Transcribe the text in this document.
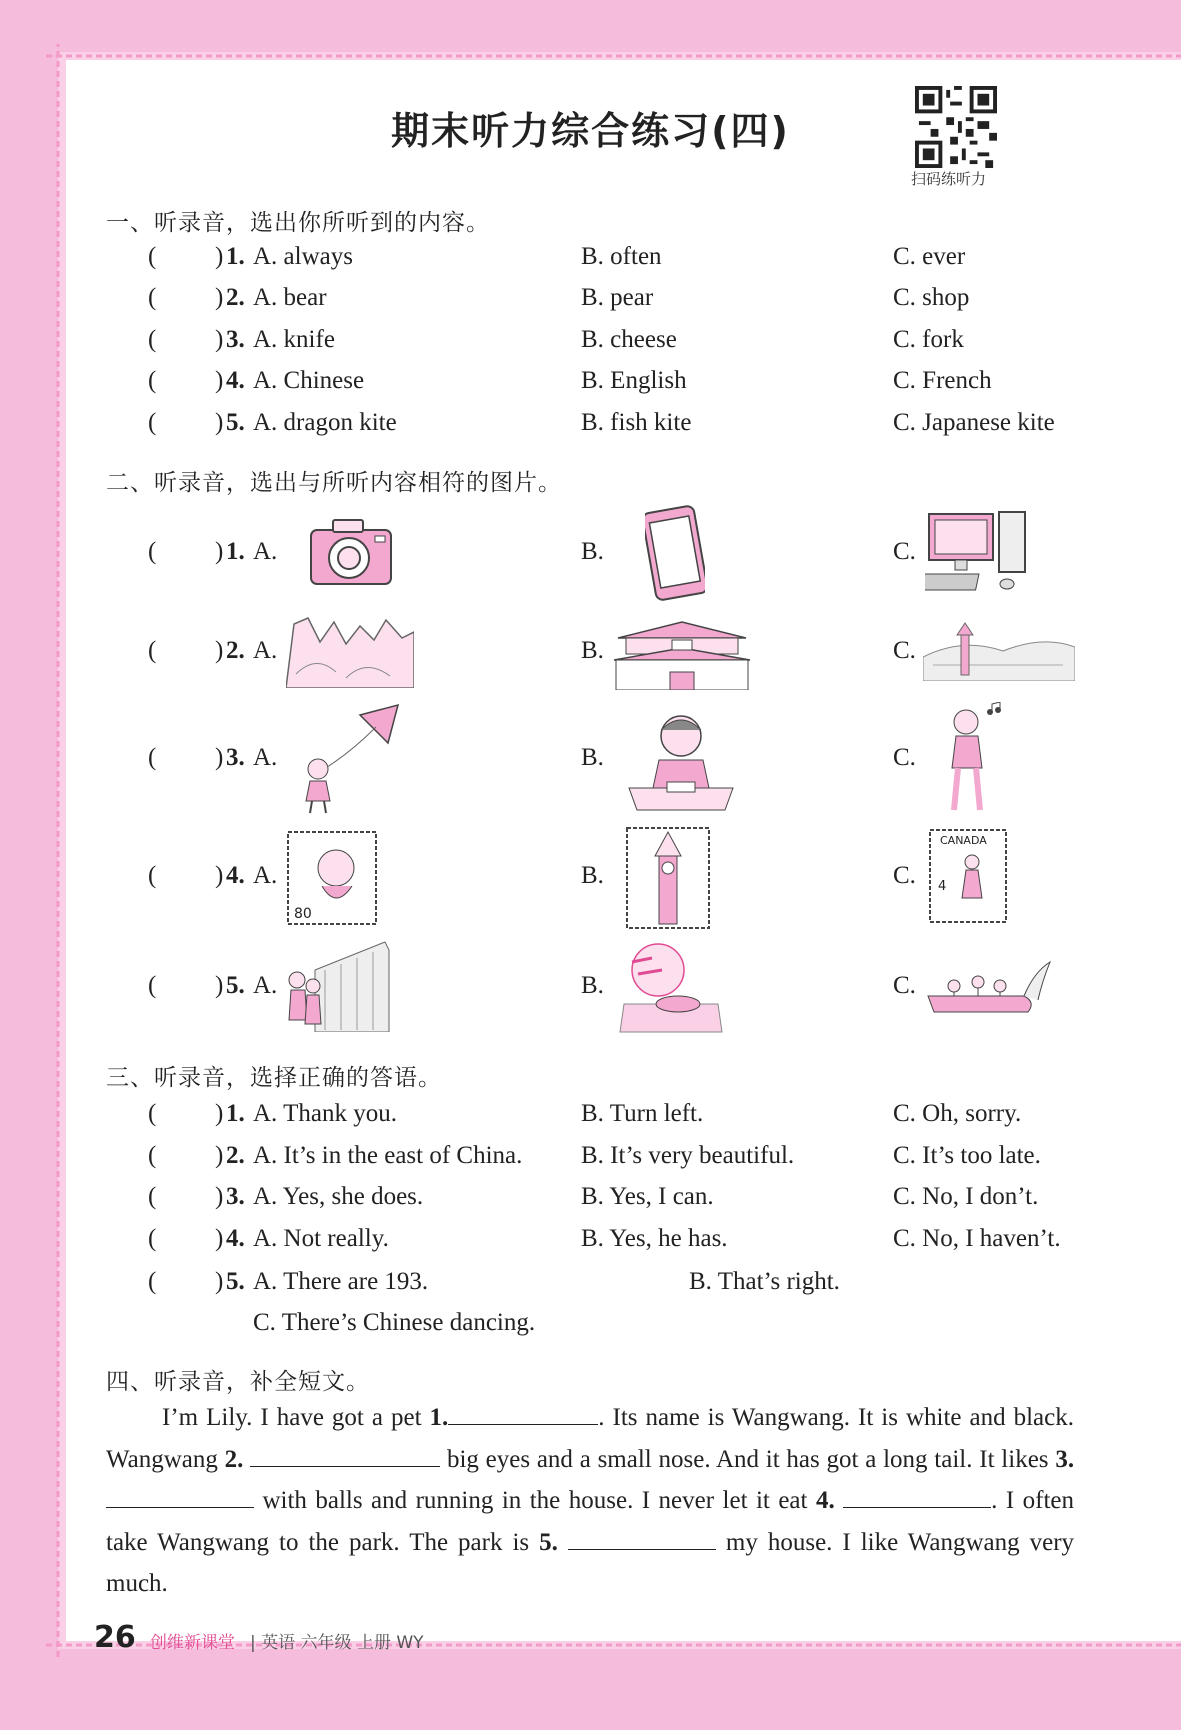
期末听力综合练习(四)
扫码练听力
一、听录音，选出你所听到的内容。
( ) 1. A. always	B. often	C. ever
( ) 2. A. bear	B. pear	C. shop
( ) 3. A. knife	B. cheese	C. fork
( ) 4. A. Chinese	B. English	C. French
( ) 5. A. dragon kite	B. fish kite	C. Japanese kite
二、听录音，选出与所听内容相符的图片。
( ) 1. A.	B.	C.
( ) 2. A.	B.	C.
( ) 3. A.	B.	C.
( ) 4. A.	B.	C.
80
CANADA
4
( ) 5. A.	B.	C.
三、听录音，选择正确的答语。
( ) 1. A. Thank you.	B. Turn left.	C. Oh, sorry.
( ) 2. A. It’s in the east of China. B. It’s very beautiful.	C. It’s too late.
( ) 3. A. Yes, she does.	B. Yes, I can.	C. No, I don’t.
( ) 4. A. Not really.	B. Yes, he has.	C. No, I haven’t.
( ) 5. A. There are 193.	B. That’s right.
C. There’s Chinese dancing.
四、听录音，补全短文。
I’m Lily. I have got a pet 1.	. Its name is Wangwang. It is white and black. Wangwang 2.	big eyes and a small nose. And it has got a long tail. It likes 3.  with balls and running in the house. I never let it eat 4.	. I often take Wangwang to the park. The park is 5.	my house. I like Wangwang very much.
26 创维新课堂 | 英语 六年级 上册 WY
